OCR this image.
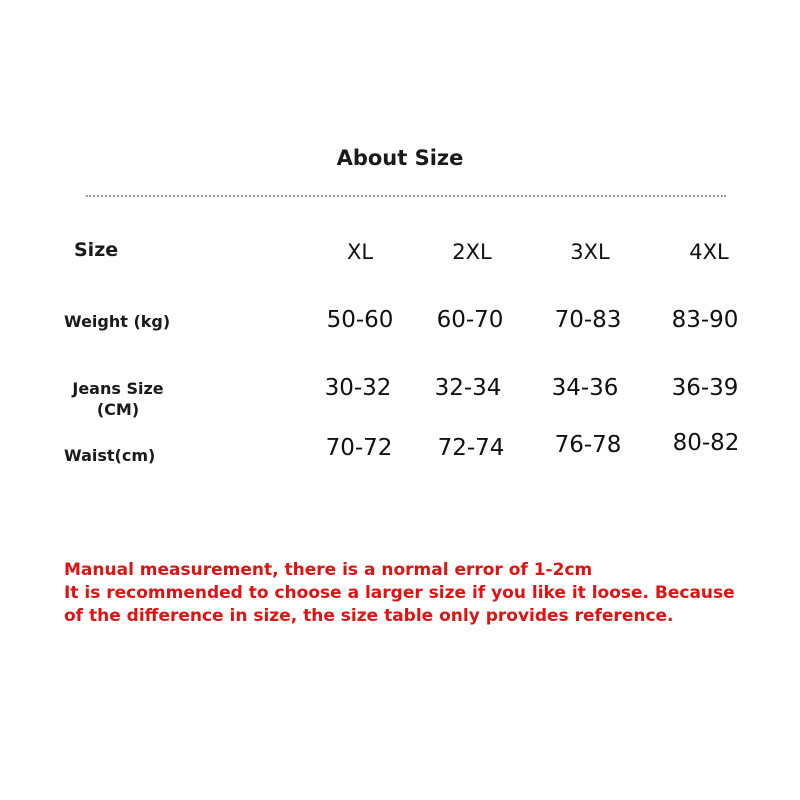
About Size
Size	XL	2XL	3XL	4XL
Weight (kg)	50-60	60-70	70-83	83-90
Jeans Size
(CM)
30-32	32-34	34-36	36-39
Waist(cm)	70-72	72-74	76-78	80-82
Manual measurement, there is a normal error of 1-2cm
It is recommended to choose a larger size if you like it loose. Because
of the difference in size, the size table only provides reference.
